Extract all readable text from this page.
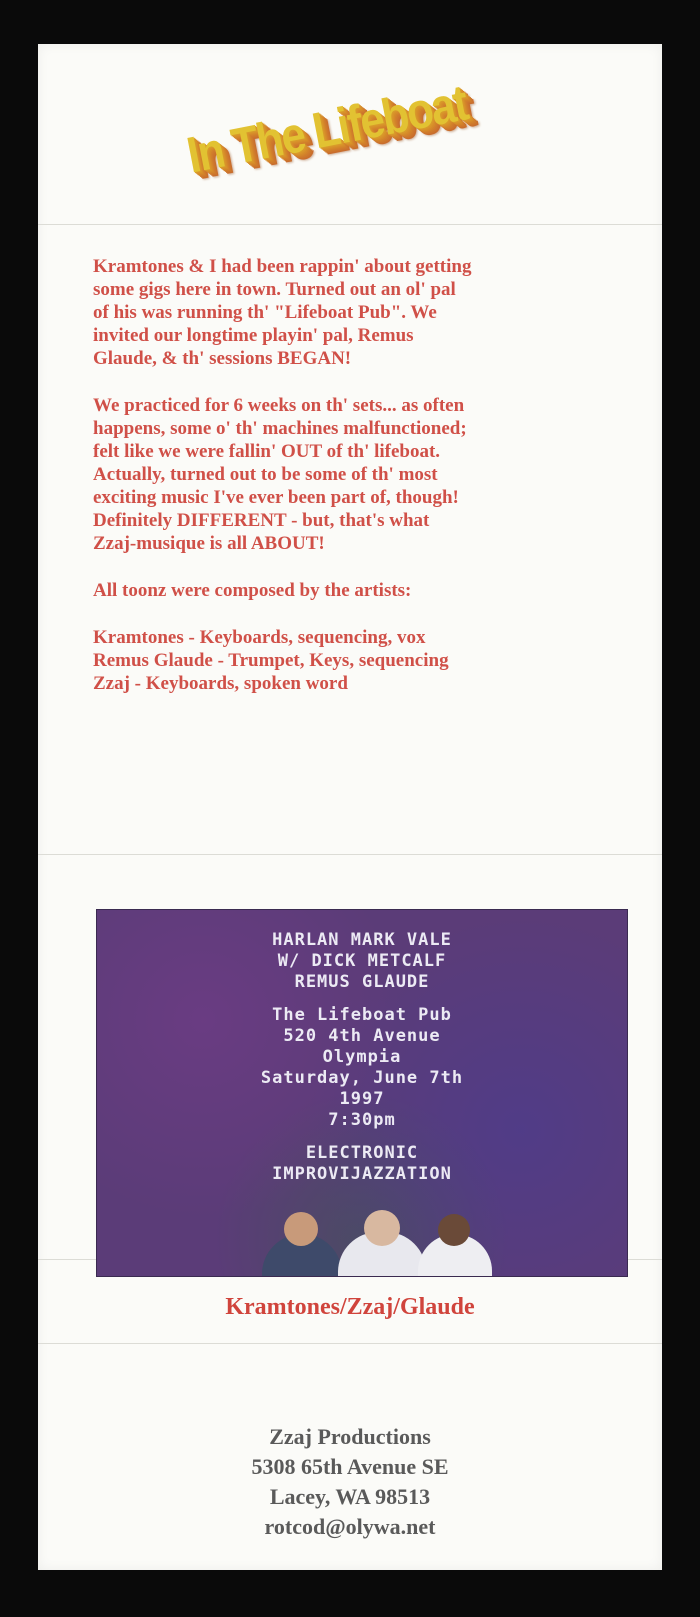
In The Lifeboat

Kramtones & I had been rappin' about getting
some gigs here in town. Turned out an ol' pal
of his was running th' "Lifeboat Pub". We
invited our longtime playin' pal, Remus
Glaude, & th' sessions BEGAN!

We practiced for 6 weeks on th' sets... as often
happens, some o' th' machines malfunctioned;
felt like we were fallin' OUT of th' lifeboat.
Actually, turned out to be some of th' most
exciting music I've ever been part of, though!
Definitely DIFFERENT - but, that's what
Zzaj-musique is all ABOUT!

All toonz were composed by the artists:

Kramtones - Keyboards, sequencing, vox

Remus Glaude - Trumpet, Keys, sequencing

Zzaj - Keyboards, spoken word

HARLAN MARK VALE
W/ DICK METCALF
REMUS GLAUDE
The Lifeboat Pub
520 4th Avenue
Olympia
Saturday, June 7th
1997
7:30pm
ELECTRONIC
IMPROVIJAZZATION
Kramtones/Zzaj/Glaude
Zzaj Productions
5308 65th Avenue SE
Lacey, WA 98513
rotcod@olywa.net
